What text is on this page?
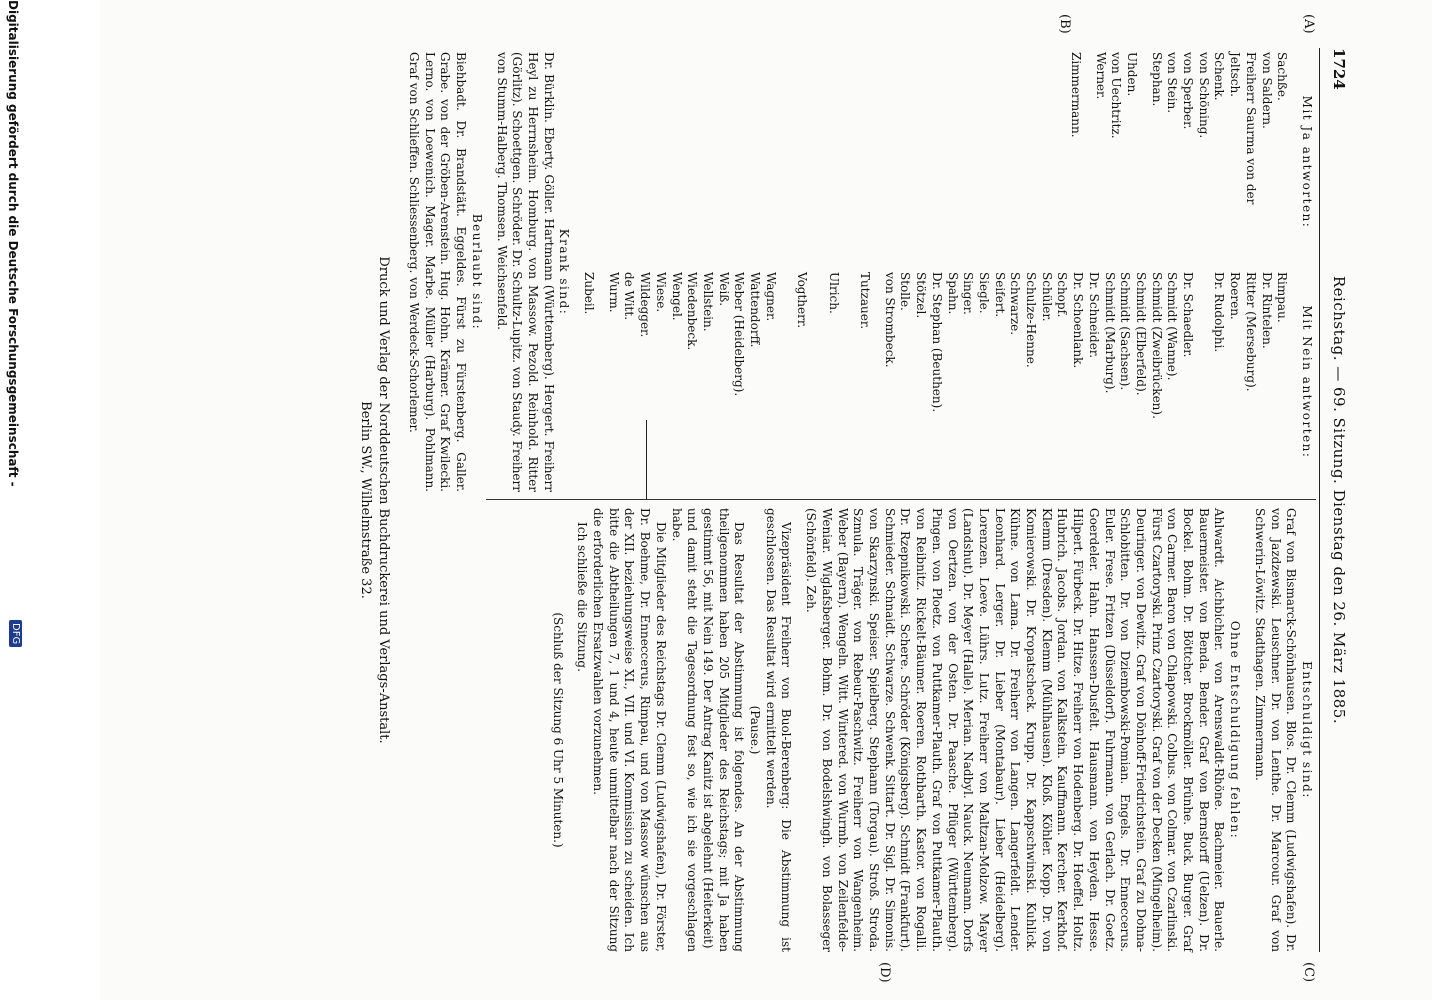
1724
Reichstag. — 69. Sitzung. Dienstag den 26. März 1885.
(A)
(B)
(C)
(D)

Mit Ja antworten:

Sachße.

von Saldern.

Freiherr Saurma von der

Jeltsch.

Schenk.

von Schöning.

von Sperber.

von Stein.

Stephan.

Uhden.

von Uechtritz.

Werner.

Zimmermann.

Mit Nein antworten:

Rimpau.

Dr. Rintelen.

Ritter (Merseburg).

Roeren.

Dr. Rudolphi.

Dr. Schaedler.

Schmidt (Wanne).

Schmidt (Zweibrücken).

Schmidt (Elberfeld).

Schmidt (Sachsen).

Schmidt (Marburg).

Dr. Schneider.

Dr. Schoenlank.

Schopf.

Schüler.

Schulze-Henne.

Schwarze.

Seifert.

Siegle.

Singer.

Spahn.

Dr. Stephan (Beuthen).

Stötzel.

Stolle.

von Strombeck.

Tutzauer.

Ulrich.

Vogtherr.

Wagner.

Wattendorff.

Weber (Heidelberg).

Weiß.

Wellstein.

Wiedenbeck.

Wengel.

Wiese.

Wildegger.

de Witt.

Wurm.

Zubeil.

Krank sind:

Dr. Bürklin. Eberty. Göller. Hartmann (Württemberg). Hergert. Freiherr Heyl zu Herrnsheim. Homburg. von Massow. Pezold. Reinhold. Ritter (Görlitz). Schoettgen. Schröder. Dr. Schultz-Lupitz. von Staudy. Freiherr von Stumm-Halberg. Thomsen. Weichsenfeld.

Beurlaubt sind:

Biehbadt. Dr. Brandstätt. Eggeldes. Fürst zu Fürstenberg. Galler. Grabe. von der Gröben-Arenstein. Hug. Hohn. Krämer. Graf Kwilecki. Lerno. von Loewenich. Mager. Marbe. Müller (Harburg). Pohlmann. Graf von Schlieffen. Schliessenberg. von Werdeck-Schorlemer.

Entschuldigt sind:

Graf von Bismarck-Schönhausen. Blos. Dr. Clemm (Ludwigshafen). Dr. von Jazdzewski. Leuschner. Dr. von Lenthe. Dr. Marcour. Graf von Schwerin-Löwitz. Stadthagen. Zimmermann.

Ohne Entschuldigung fehlen:

Ahlwardt. Aichbichler. von Arenswaldt-Rhöne. Bachmeier. Bauerle. Bauermeister. von Benda. Bender. Graf von Bernstorff (Uelzen). Dr. Bockel. Bohm. Dr. Böttcher. Brockmöller. Brünhe. Buck. Burger. Graf von Carmer. Baron von Chlapowski. Colbus. von Colmar. von Czarlinski. Fürst Czartoryski. Prinz Czartoryski. Graf von der Decken (Mingelheim). Deuringer. von Dewitz. Graf von Dönhoff-Friedrichstein. Graf zu Dohna-Schlobitten. Dr. von Dziembowski-Pomian. Engels. Dr. Enneccerus. Euler. Frese. Fritzen (Düsseldorf). Fuhrmann. von Gerlach. Dr. Goetz. Goerdeler. Hahn. Hanssen-Dusfelt. Hausmann. von Heyden. Hesse. Hilpert. Fürbeck. Dr. Hitze. Freiherr von Hodenberg. Dr. Hoeffel. Holtz. Hubrich. Jacobs. Jordan. von Kalkstein. Kauffmann. Kercher. Kerkhof. Klemm (Dresden). Klemm (Mühlhausen). Kloß. Köhler. Kopp. Dr. von Komierowski. Dr. Kropatscheck. Krupp. Dr. Kappschwinski. Kuhlick. Kühne. von Lama. Dr. Freiherr von Langen. Langerfeldt. Lender. Leonhard. Lerger. Dr. Lieber (Montabaur). Lieber (Heidelberg). Lorenzen. Loeve. Lührs. Lutz. Freiherr von Maltzan-Molzow. Mayer (Landshut). Dr. Meyer (Halle). Merian. Nadbyl. Nauck. Neumann. Dorfs von Oertzen. von der Osten. Dr. Paasche. Pflüger (Württemberg). Pingen. von Ploetz. von Puttkamer-Plauth. Graf von Puttkamer-Plauth. von Reibnitz. Rickelt-Bäumer. Roeren. Rothbarth. Kastor. von Rogalli. Dr. Rzepnikowski. Schere. Schröder (Königsberg). Schmidt (Frankfurt). Schmieder. Schnaidt. Schwarze. Schwenk. Sittart. Dr. Sigl. Dr. Simonis. von Skarzynski. Speiser. Spielberg. Stephann (Torgau). Stroß. Stroda. Szmula. Träger. von Rebeur-Paschwitz. Freiherr von Wangenheim. Weber (Bayern). Wengeln. Witt. Wintered. von Wurmb. von Zeilenfelde-Weniar. Wiglafsberger. Bohm. Dr. von Bodelshwingh. von Bolasseger (Schönfeld). Zeh.

Vizepräsident Freiherr von Buol-Berenberg: Die Abstimmung ist geschlossen. Das Resultat wird ermittelt werden.

(Pause.)

Das Resultat der Abstimmung ist folgendes. An der Abstimmung theilgenommen haben 205 Mitglieder des Reichstags; mit Ja haben gestimmt 56, mit Nein 149. Der Antrag Kanitz ist abgelehnt (Heiterkeit)

und damit steht die Tagesordnung fest so, wie ich sie vorgeschlagen habe.

Die Mitglieder des Reichstags Dr. Clemm (Ludwigshafen), Dr. Förster, Dr. Boehme, Dr. Enneccerus, Rimpau, und von Massow wünschen aus der XII. beziehungsweise XI., VII. und VI. Kommission zu scheiden. Ich bitte die Abtheilungen 7, 1 und 4, heute unmittelbar nach der Sitzung die erforderlichen Ersatzwahlen vorzunehmen.

Ich schließe die Sitzung.

(Schluß der Sitzung 6 Uhr 5 Minuten.)

Druck und Verlag der Norddeutschen Buchdruckerei und Verlags-Anstalt.

Berlin SW., Wilhelmstraße 32.

Digitalisierung gefördert durch die Deutsche Forschungsgemeinschaft -
DFG
